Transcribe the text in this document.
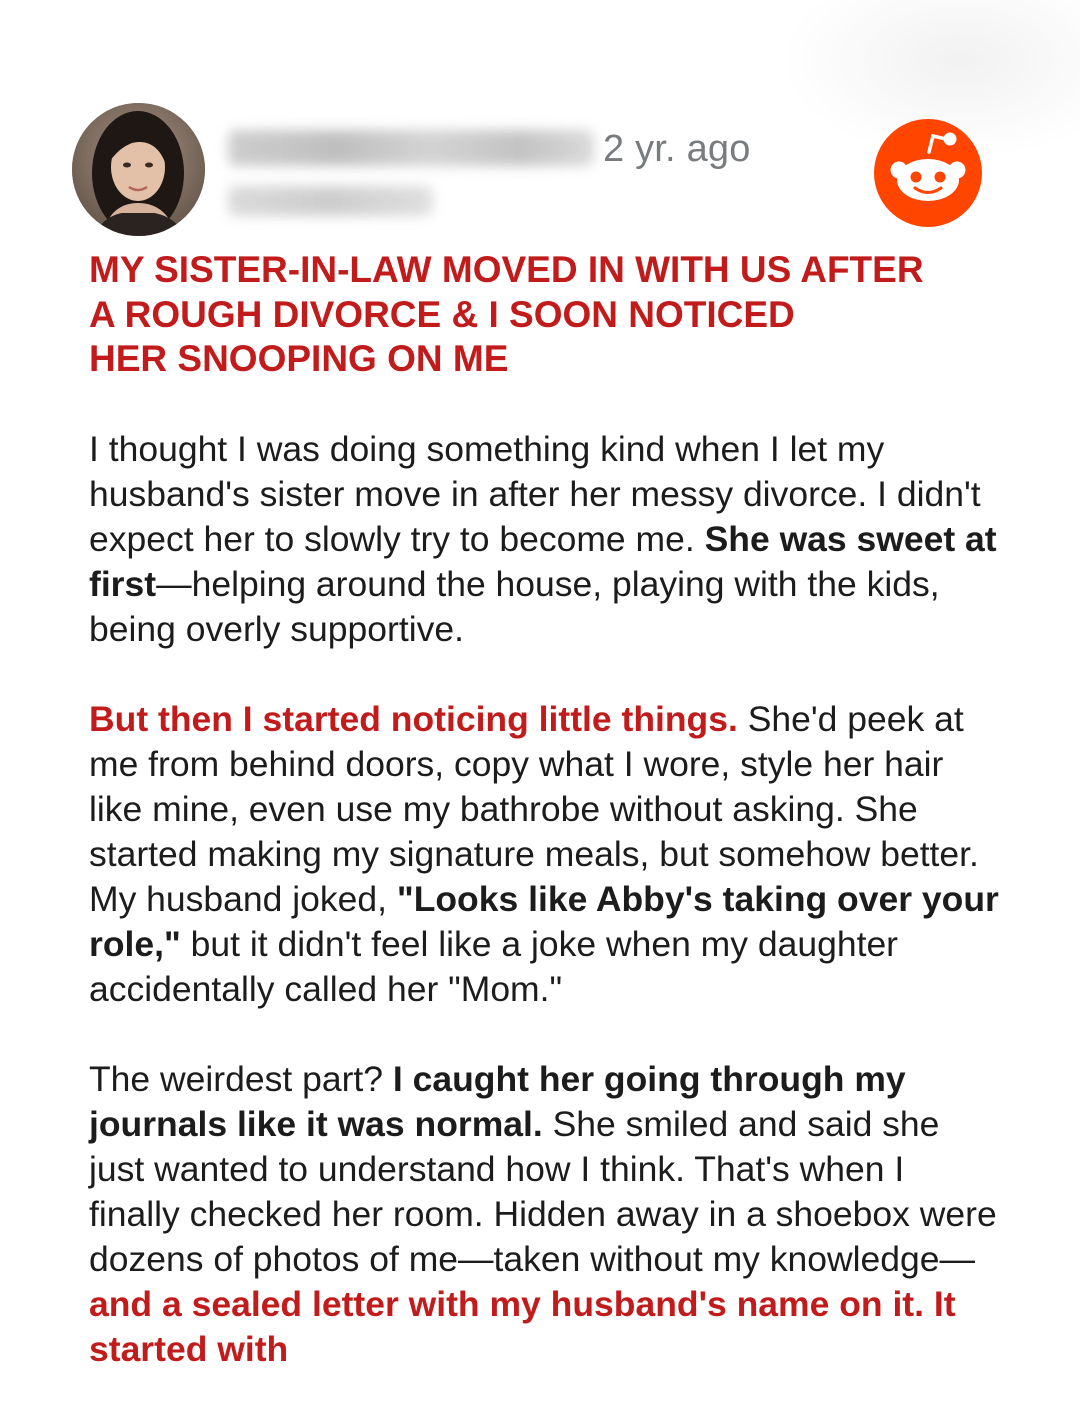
2 yr. ago
MY SISTER-IN-LAW MOVED IN WITH US AFTER
A ROUGH DIVORCE & I SOON NOTICED
HER SNOOPING ON ME

I thought I was doing something kind when I let my husband's sister move in after her messy divorce. I didn't expect her to slowly try to become me. She was sweet at first—helping around the house, playing with the kids, being overly supportive.

But then I started noticing little things. She'd peek at me from behind doors, copy what I wore, style her hair like mine, even use my bathrobe without asking. She started making my signature meals, but somehow better. My husband joked, "Looks like Abby's taking over your role," but it didn't feel like a joke when my daughter accidentally called her "Mom."

The weirdest part? I caught her going through my journals like it was normal. She smiled and said she just wanted to understand how I think. That's when I finally checked her room. Hidden away in a shoebox were dozens of photos of me—taken without my knowledge—and a sealed letter with my husband's name on it. It started with
